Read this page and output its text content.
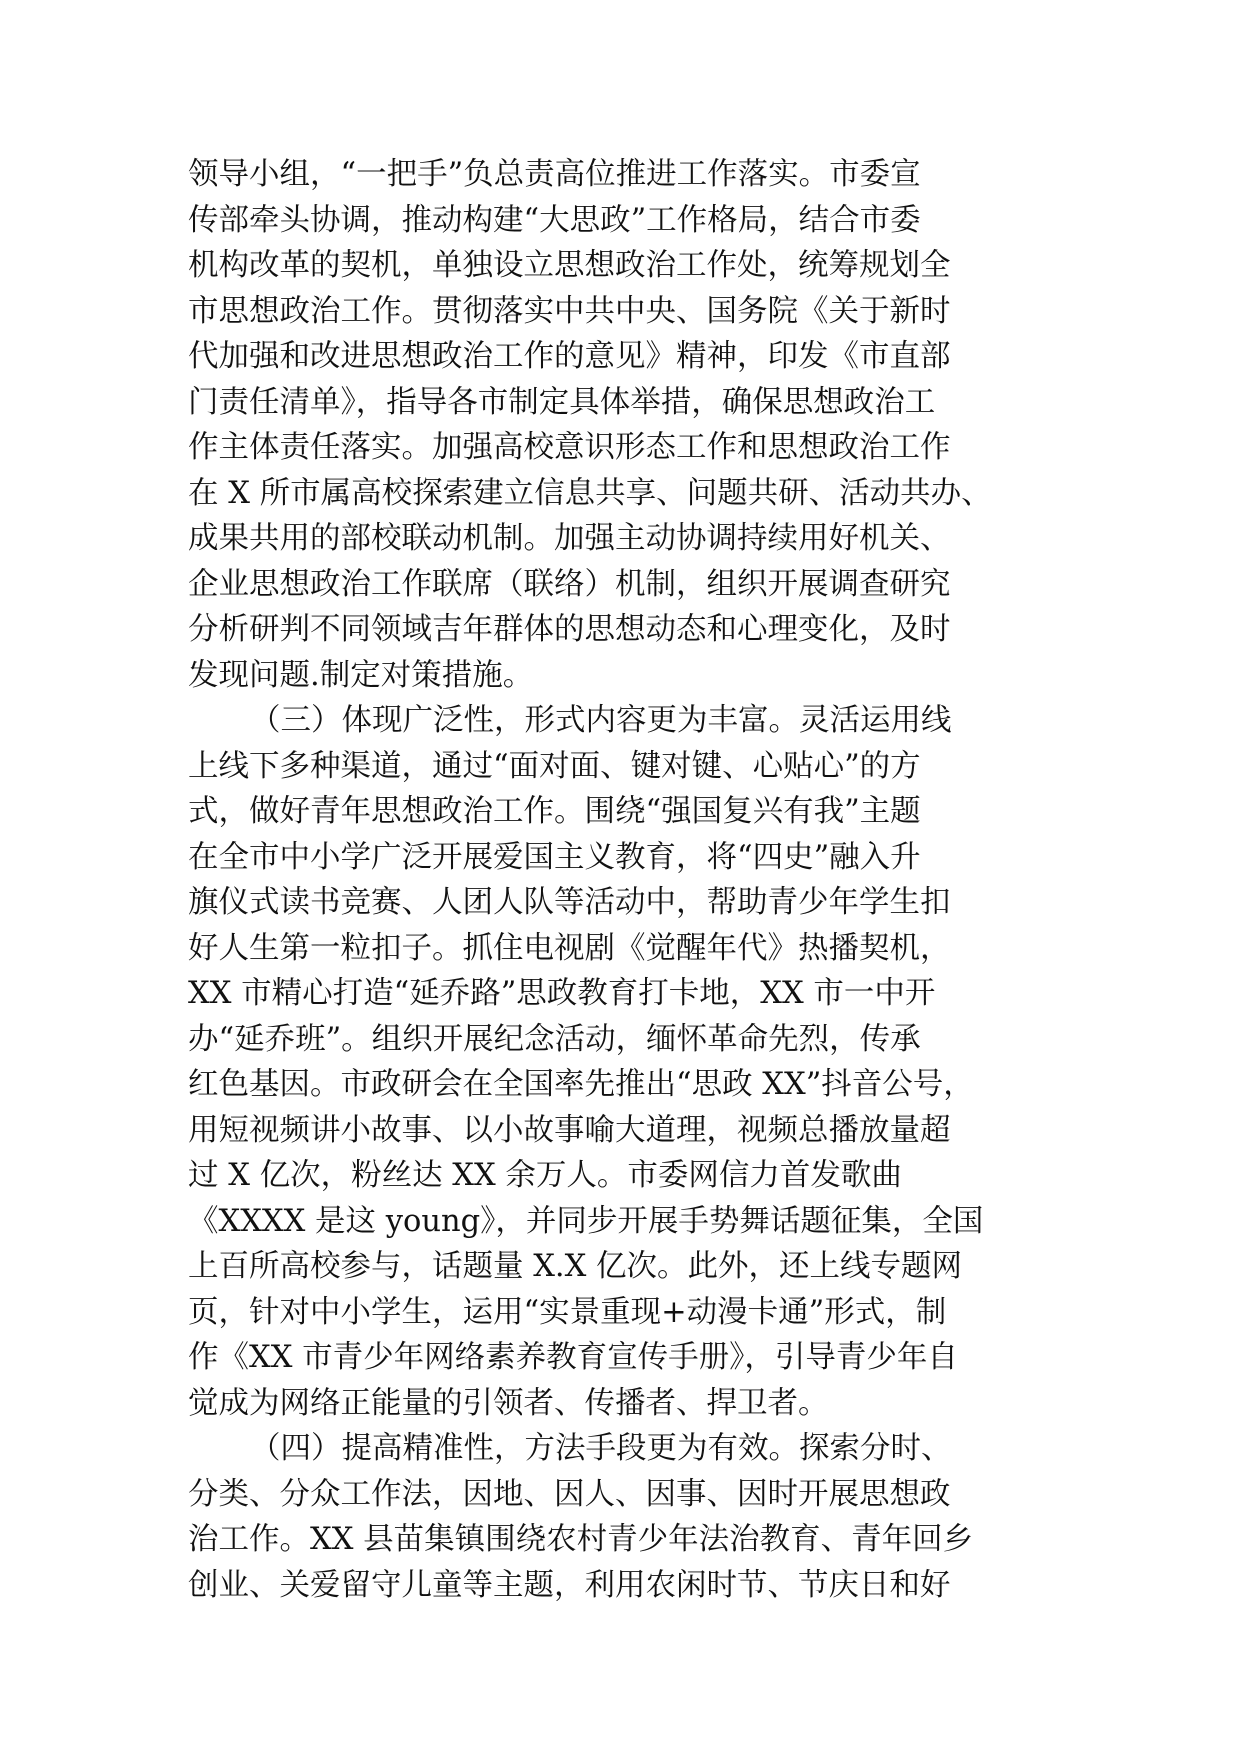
领导小组，“一把手”负总责高位推进工作落实。市委宣
传部牵头协调，推动构建“大思政”工作格局，结合市委
机构改革的契机，单独设立思想政治工作处，统筹规划全
市思想政治工作。贯彻落实中共中央、国务院《关于新时
代加强和改进思想政治工作的意见》精神，印发《市直部
门责任清单》，指导各市制定具体举措，确保思想政治工
作主体责任落实。加强高校意识形态工作和思想政治工作
在 X 所市属高校探索建立信息共享、问题共研、活动共办、
成果共用的部校联动机制。加强主动协调持续用好机关、
企业思想政治工作联席（联络）机制，组织开展调查研究
分析研判不同领域吉年群体的思想动态和心理变化，及时
发现问题.制定对策措施。
（三）体现广泛性，形式内容更为丰富。灵活运用线
上线下多种渠道，通过“面对面、键对键、心贴心”的方
式，做好青年思想政治工作。围绕“强国复兴有我”主题
在全市中小学广泛开展爱国主义教育，将“四史”融入升
旗仪式读书竞赛、人团人队等活动中，帮助青少年学生扣
好人生第一粒扣子。抓住电视剧《觉醒年代》热播契机，
XX 市精心打造“延乔路”思政教育打卡地，XX 市一中开
办“延乔班”。组织开展纪念活动，缅怀革命先烈，传承
红色基因。市政研会在全国率先推出“思政 XX”抖音公号，
用短视频讲小故事、以小故事喻大道理，视频总播放量超
过 X 亿次，粉丝达 XX 余万人。市委网信力首发歌曲
《XXXX 是这 young》，并同步开展手势舞话题征集，全国
上百所高校参与，话题量 X.X 亿次。此外，还上线专题网
页，针对中小学生，运用“实景重现+动漫卡通”形式，制
作《XX 市青少年网络素养教育宣传手册》，引导青少年自
觉成为网络正能量的引领者、传播者、捍卫者。
（四）提高精准性，方法手段更为有效。探索分时、
分类、分众工作法，因地、因人、因事、因时开展思想政
治工作。XX 县苗集镇围绕农村青少年法治教育、青年回乡
创业、关爱留守儿童等主题，利用农闲时节、节庆日和好
